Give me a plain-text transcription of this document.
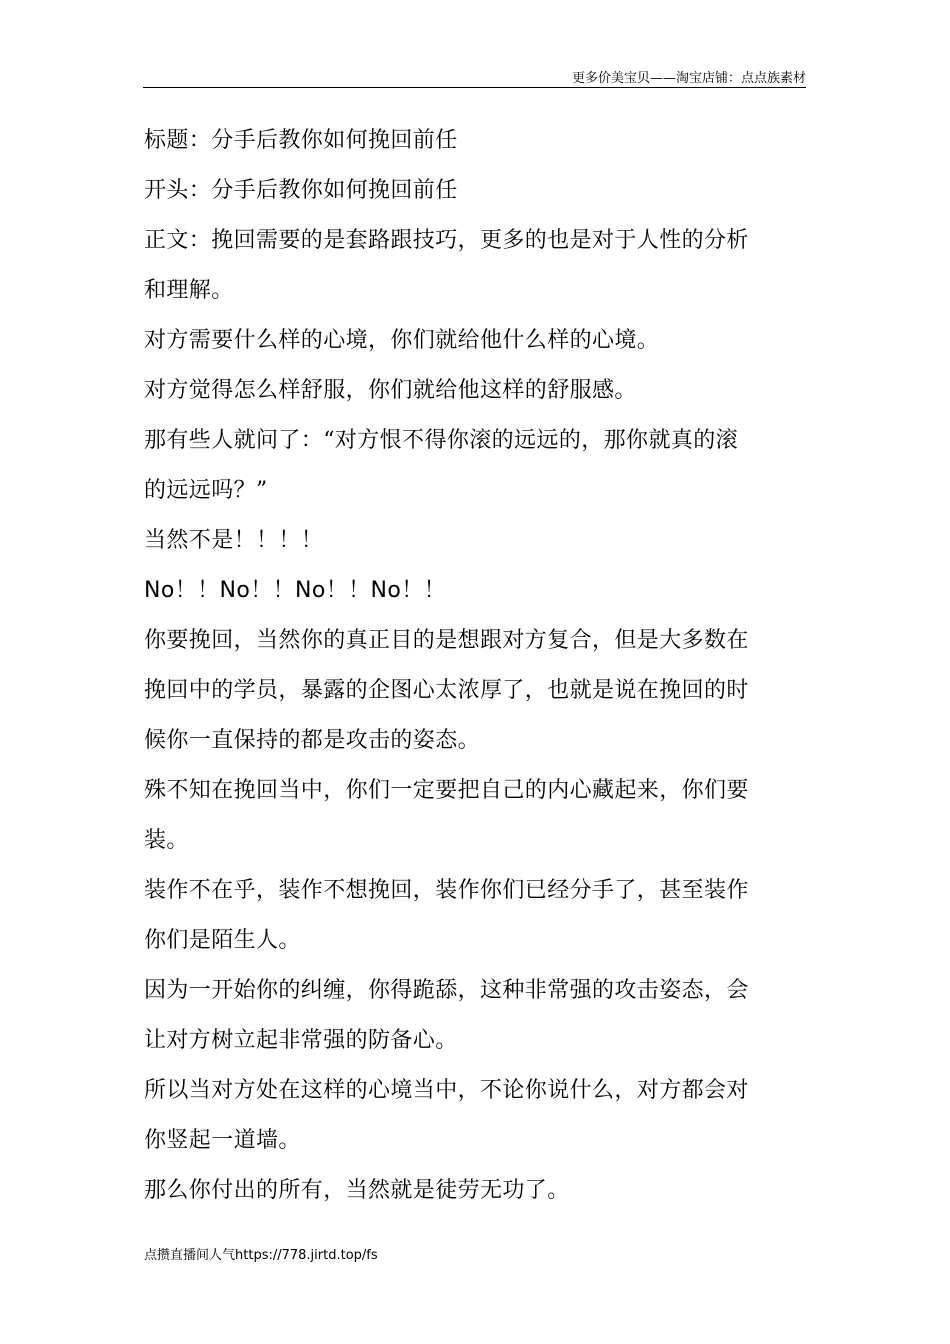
更多价美宝贝——淘宝店铺：点点族素材

标题：分手后教你如何挽回前任

开头：分手后教你如何挽回前任

正文：挽回需要的是套路跟技巧，更多的也是对于人性的分析

和理解。

对方需要什么样的心境，你们就给他什么样的心境。

对方觉得怎么样舒服，你们就给他这样的舒服感。

那有些人就问了：“对方恨不得你滚的远远的，那你就真的滚

的远远吗？”

当然不是！！！！

No！！No！！No！！No！！

你要挽回，当然你的真正目的是想跟对方复合，但是大多数在

挽回中的学员，暴露的企图心太浓厚了，也就是说在挽回的时

候你一直保持的都是攻击的姿态。

殊不知在挽回当中，你们一定要把自己的内心藏起来，你们要

装。

装作不在乎，装作不想挽回，装作你们已经分手了，甚至装作

你们是陌生人。

因为一开始你的纠缠，你得跪舔，这种非常强的攻击姿态，会

让对方树立起非常强的防备心。

所以当对方处在这样的心境当中，不论你说什么，对方都会对

你竖起一道墙。

那么你付出的所有，当然就是徒劳无功了。

点攒直播间人气https://778.jirtd.top/fs
